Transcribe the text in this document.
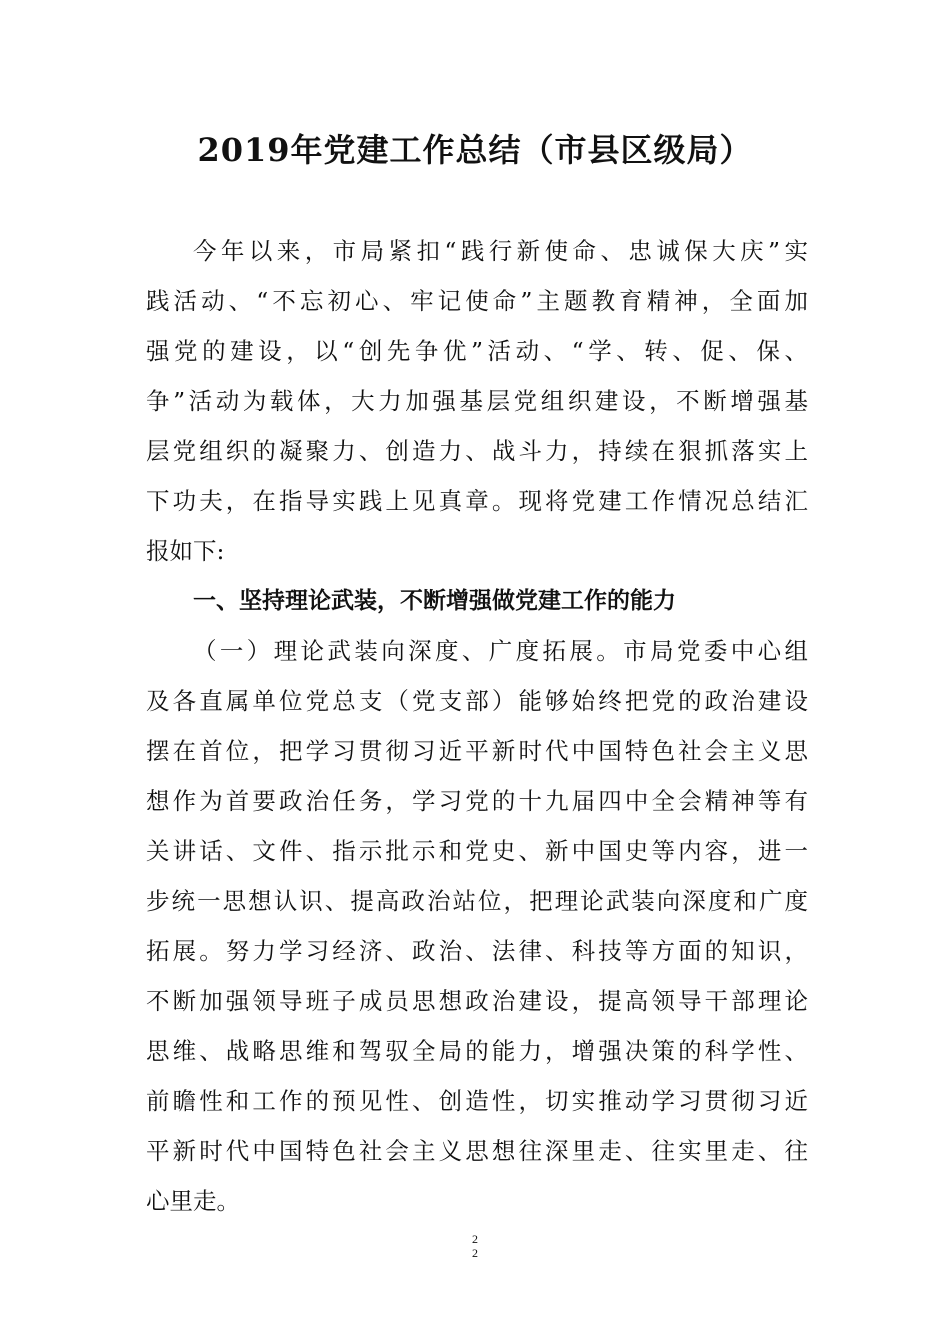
2019年党建工作总结（市县区级局）
今年以来，市局紧扣“践行新使命、忠诚保大庆”实
践活动、“不忘初心、牢记使命”主题教育精神，全面加
强党的建设，以“创先争优”活动、“学、转、促、保、
争”活动为载体，大力加强基层党组织建设，不断增强基
层党组织的凝聚力、创造力、战斗力，持续在狠抓落实上
下功夫，在指导实践上见真章。现将党建工作情况总结汇
报如下:
一、坚持理论武装，不断增强做党建工作的能力
（一）理论武装向深度、广度拓展。市局党委中心组
及各直属单位党总支（党支部）能够始终把党的政治建设
摆在首位，把学习贯彻习近平新时代中国特色社会主义思
想作为首要政治任务，学习党的十九届四中全会精神等有
关讲话、文件、指示批示和党史、新中国史等内容，进一
步统一思想认识、提高政治站位，把理论武装向深度和广度
拓展。努力学习经济、政治、法律、科技等方面的知识，
不断加强领导班子成员思想政治建设，提高领导干部理论
思维、战略思维和驾驭全局的能力，增强决策的科学性、
前瞻性和工作的预见性、创造性，切实推动学习贯彻习近
平新时代中国特色社会主义思想往深里走、往实里走、往
心里走。
2
2
